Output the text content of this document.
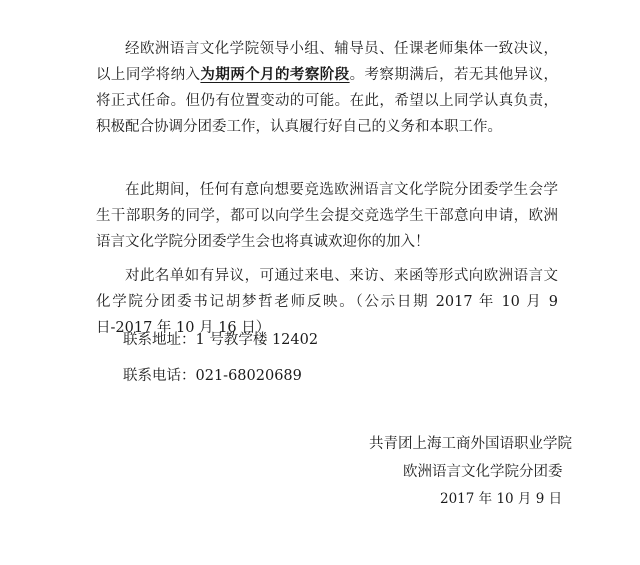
经欧洲语言文化学院领导小组、辅导员、任课老师集体一致决议，以上同学将纳入为期两个月的考察阶段。考察期满后，若无其他异议，将正式任命。但仍有位置变动的可能。在此，希望以上同学认真负责，积极配合协调分团委工作，认真履行好自己的义务和本职工作。

在此期间，任何有意向想要竞选欧洲语言文化学院分团委学生会学生干部职务的同学，都可以向学生会提交竞选学生干部意向申请，欧洲语言文化学院分团委学生会也将真诚欢迎你的加入！

对此名单如有异议，可通过来电、来访、来函等形式向欧洲语言文化学院分团委书记胡梦哲老师反映。（公示日期 2017 年 10 月 9 日-2017 年 10 月 16 日）

联系地址：1 号教学楼 12402

联系电话：021-68020689

共青团上海工商外国语职业学院

欧洲语言文化学院分团委

2017 年 10 月 9 日
